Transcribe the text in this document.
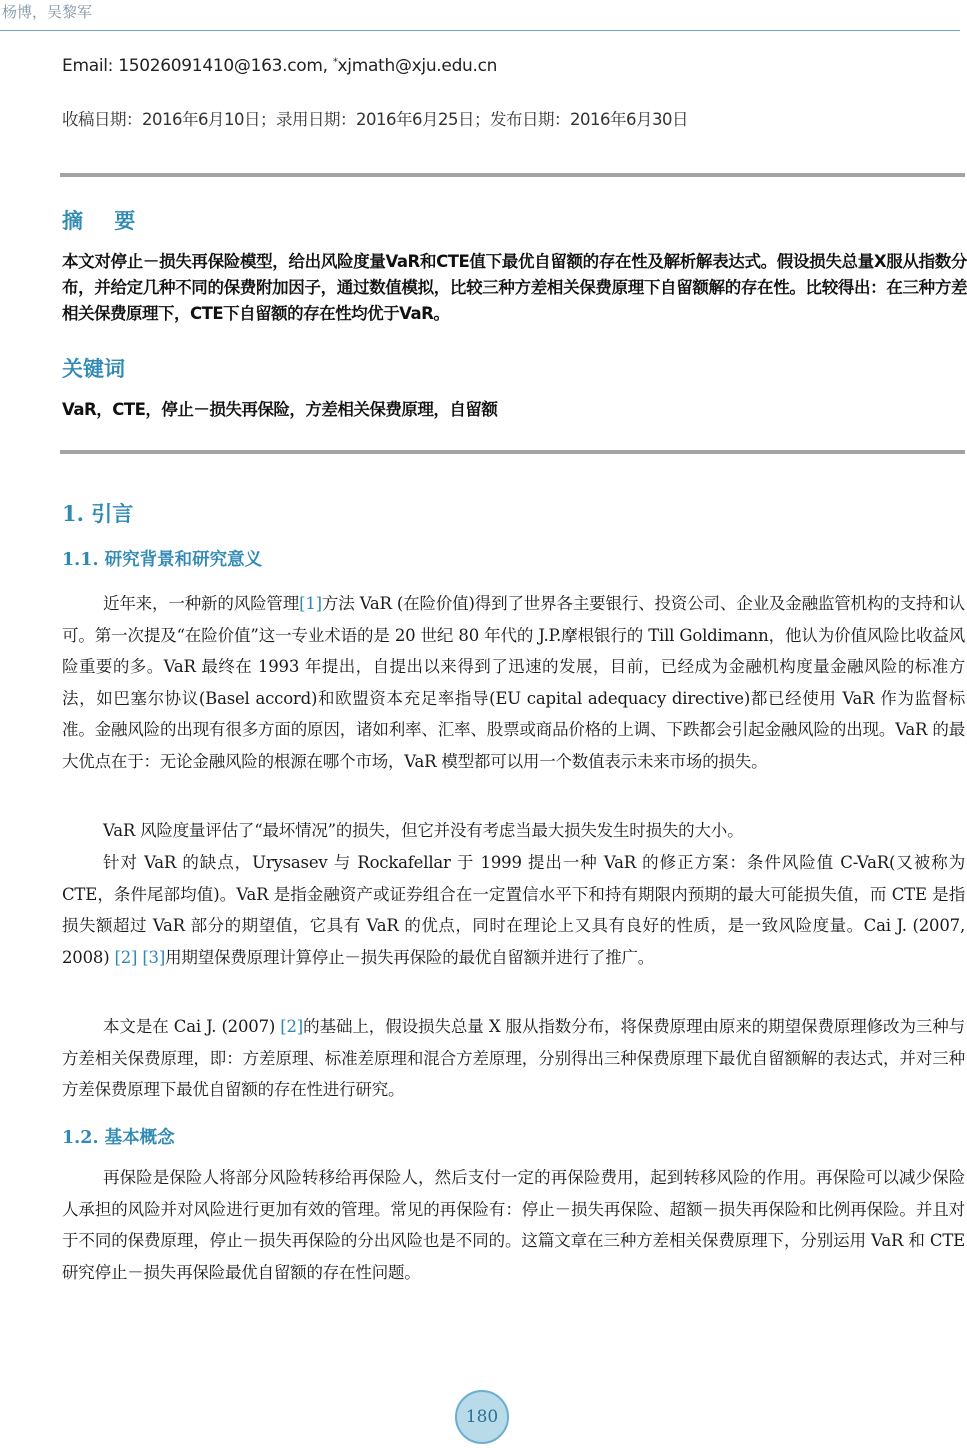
杨博，吴黎军
Email: 15026091410@163.com, *xjmath@xju.edu.cn
收稿日期：2016年6月10日；录用日期：2016年6月25日；发布日期：2016年6月30日
摘 要
本文对停止－损失再保险模型，给出风险度量VaR和CTE值下最优自留额的存在性及解析解表达式。假设损失总量X服从指数分布，并给定几种不同的保费附加因子，通过数值模拟，比较三种方差相关保费原理下自留额解的存在性。比较得出：在三种方差相关保费原理下，CTE下自留额的存在性均优于VaR。
关键词
VaR，CTE，停止－损失再保险，方差相关保费原理，自留额
1. 引言
1.1. 研究背景和研究意义
近年来，一种新的风险管理[1]方法 VaR (在险价值)得到了世界各主要银行、投资公司、企业及金融监管机构的支持和认可。第一次提及“在险价值”这一专业术语的是 20 世纪 80 年代的 J.P.摩根银行的 Till Goldimann，他认为价值风险比收益风险重要的多。VaR 最终在 1993 年提出，自提出以来得到了迅速的发展，目前，已经成为金融机构度量金融风险的标准方法，如巴塞尔协议(Basel accord)和欧盟资本充足率指导(EU capital adequacy directive)都已经使用 VaR 作为监督标准。金融风险的出现有很多方面的原因，诸如利率、汇率、股票或商品价格的上调、下跌都会引起金融风险的出现。VaR 的最大优点在于：无论金融风险的根源在哪个市场，VaR 模型都可以用一个数值表示未来市场的损失。
VaR 风险度量评估了“最坏情况”的损失，但它并没有考虑当最大损失发生时损失的大小。
针对 VaR 的缺点，Urysasev 与 Rockafellar 于 1999 提出一种 VaR 的修正方案：条件风险值 C-VaR(又被称为 CTE，条件尾部均值)。VaR 是指金融资产或证券组合在一定置信水平下和持有期限内预期的最大可能损失值，而 CTE 是指损失额超过 VaR 部分的期望值，它具有 VaR 的优点，同时在理论上又具有良好的性质，是一致风险度量。Cai J. (2007, 2008) [2] [3]用期望保费原理计算停止－损失再保险的最优自留额并进行了推广。
本文是在 Cai J. (2007) [2]的基础上，假设损失总量 X 服从指数分布，将保费原理由原来的期望保费原理修改为三种与方差相关保费原理，即：方差原理、标准差原理和混合方差原理，分别得出三种保费原理下最优自留额解的表达式，并对三种方差保费原理下最优自留额的存在性进行研究。
1.2. 基本概念
再保险是保险人将部分风险转移给再保险人，然后支付一定的再保险费用，起到转移风险的作用。再保险可以减少保险人承担的风险并对风险进行更加有效的管理。常见的再保险有：停止－损失再保险、超额－损失再保险和比例再保险。并且对于不同的保费原理，停止－损失再保险的分出风险也是不同的。这篇文章在三种方差相关保费原理下，分别运用 VaR 和 CTE 研究停止－损失再保险最优自留额的存在性问题。
180
